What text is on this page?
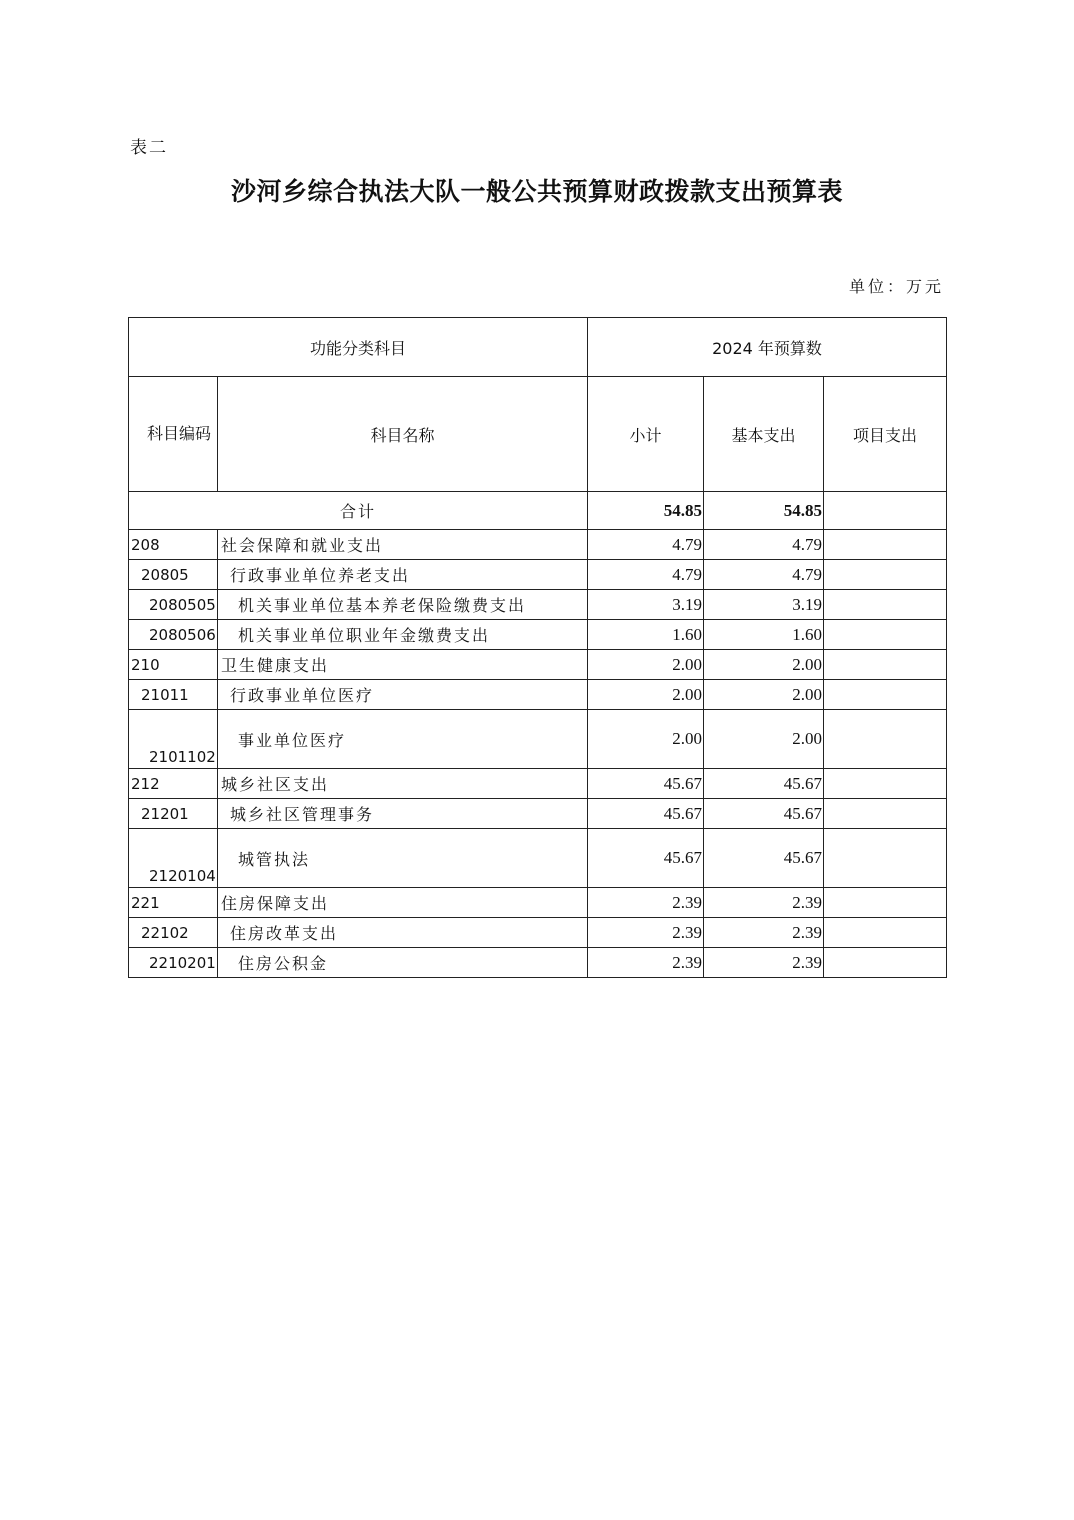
表二
沙河乡综合执法大队一般公共预算财政拨款支出预算表
单位：万元
功能分类科目		2024 年预算数		
科目编码	科目名称	小计	基本支出	项目支出
合计		54.85	54.85	
208	社会保障和就业支出	4.79	4.79	
20805	行政事业单位养老支出	4.79	4.79	
2080505	机关事业单位基本养老保险缴费支出	3.19	3.19	
2080506	机关事业单位职业年金缴费支出	1.60	1.60	
210	卫生健康支出	2.00	2.00	
21011	行政事业单位医疗	2.00	2.00	
2101102	事业单位医疗	2.00	2.00	
212	城乡社区支出	45.67	45.67	
21201	城乡社区管理事务	45.67	45.67	
2120104	城管执法	45.67	45.67	
221	住房保障支出	2.39	2.39	
22102	住房改革支出	2.39	2.39	
2210201	住房公积金	2.39	2.39	
